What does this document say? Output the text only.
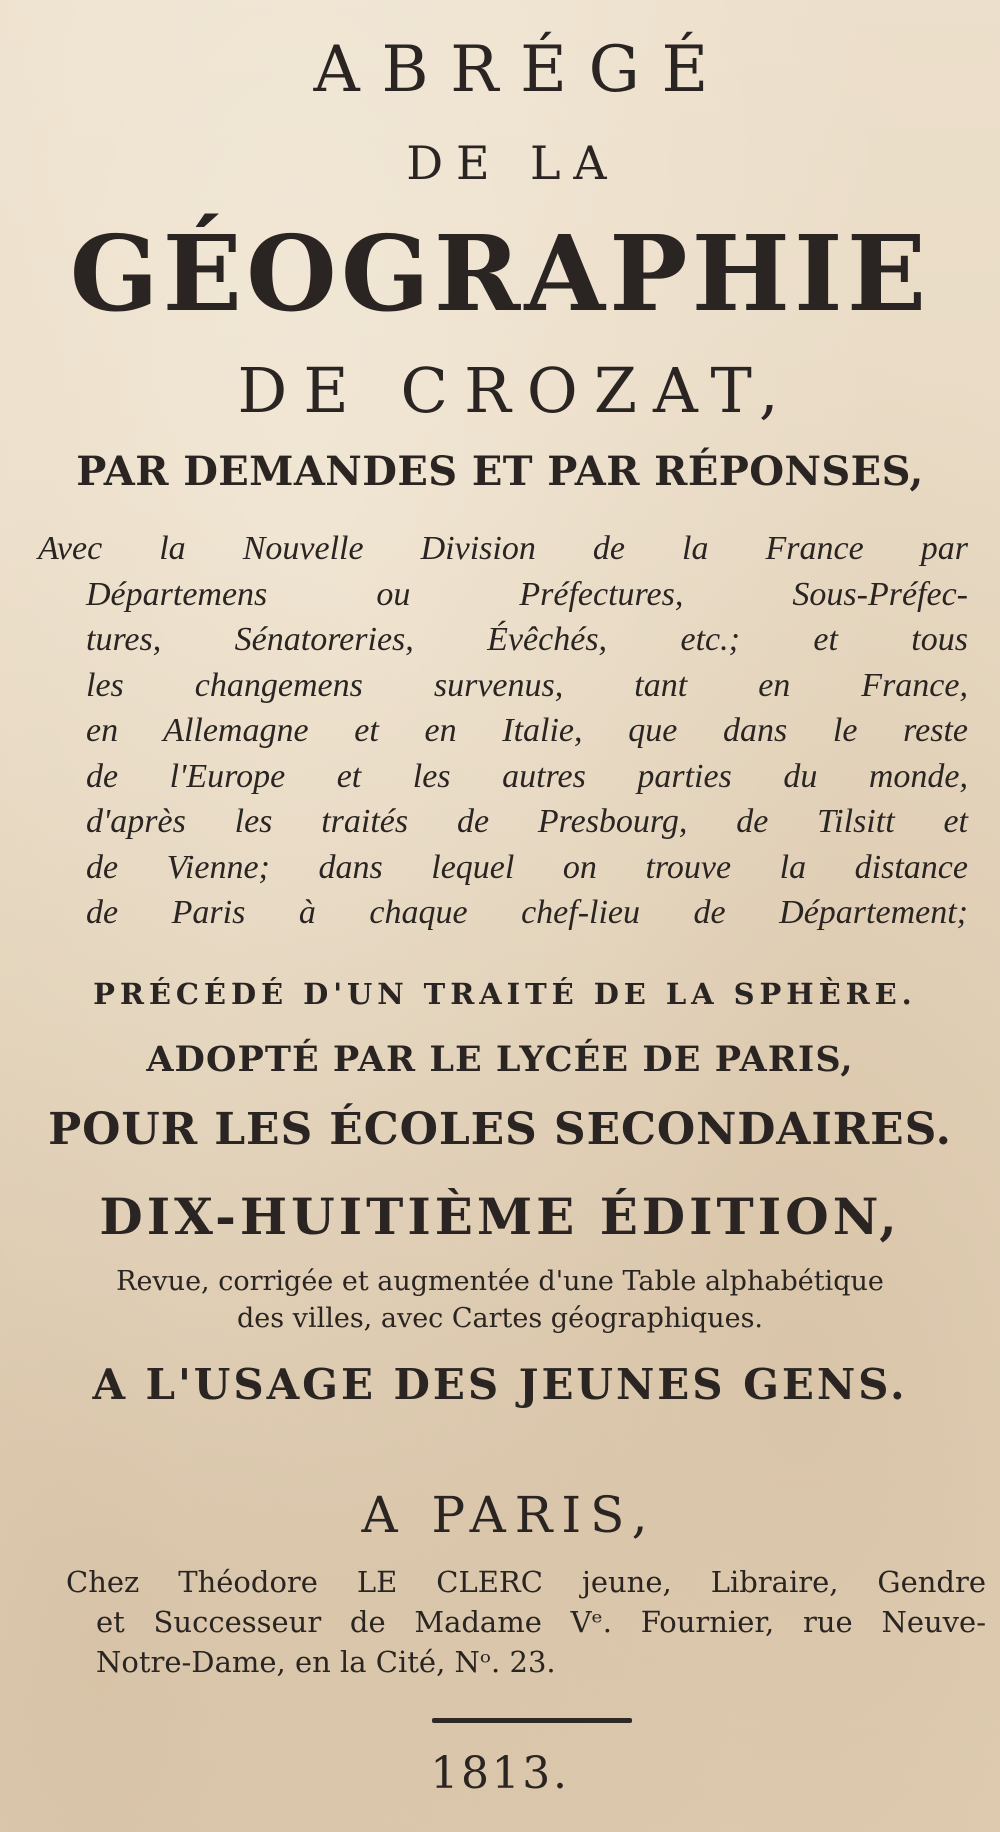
ABRÉGÉ
DE LA
GÉOGRAPHIE
DE CROZAT,
PAR DEMANDES ET PAR RÉPONSES,
Avec la Nouvelle Division de la France par
Départemens ou Préfectures, Sous-Préfec-
tures, Sénatoreries, Évêchés, etc.; et tous
les changemens survenus, tant en France,
en Allemagne et en Italie, que dans le reste
de l'Europe et les autres parties du monde,
d'après les traités de Presbourg, de Tilsitt et
de Vienne; dans lequel on trouve la distance
de Paris à chaque chef-lieu de Département;
PRÉCÉDÉ D'UN TRAITÉ DE LA SPHÈRE.
ADOPTÉ PAR LE LYCÉE DE PARIS,
POUR LES ÉCOLES SECONDAIRES.
DIX-HUITIÈME ÉDITION,
Revue, corrigée et augmentée d'une Table alphabétique
des villes, avec Cartes géographiques.
A L'USAGE DES JEUNES GENS.
A PARIS,
Chez Théodore LE CLERC jeune, Libraire, Gendre
et Successeur de Madame Vᵉ. Fournier, rue Neuve-
Notre-Dame, en la Cité, Nᵒ. 23.
1813.
